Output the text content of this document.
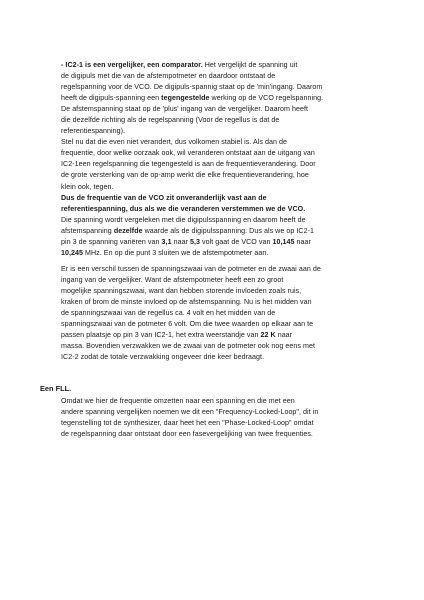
- IC2-1 is een vergelijker, een comparator. Het vergelijkt de spanning uit

de digipuls met die van de afstempotmeter en daardoor ontstaat de

regelspanning voor de VCO. De digipuls-spannig staat op de 'min'ingang. Daarom

heeft de digipuls-spanning een tegengestelde werking op de VCO regelspanning.

De afstemspanning staat op de 'plus' ingang van de vergelijker. Daarom heeft

die dezelfde richting als de regelspanning (Voor de regellus is dat de

referentiespanning).

Stel nu dat die even niet verandert, dus volkomen stabiel is. Als dan de

frequentie, door welke oorzaak ook, wil veranderen ontstaat aan de uitgang van

IC2-1een regelspanning die tegengesteld is aan de frequentieverandering. Door

de grote versterking van de op-amp werkt die elke frequentieverandering, hoe

klein ook, tegen.

Dus de frequentie van de VCO zit onveranderlijk vast aan de

referentiespanning, dus als we die veranderen verstemmen we de VCO.

Die spanning wordt vergeleken met die digipulsspanning en daarom heeft de

afstemspanning dezelfde waarde als de digipulsspanning. Dus als we op IC2-1

pin 3 de spanning variëren van 3,1 naar 5,3 volt gaat de VCO van 10,145 naar

10,245 MHz. En op die punt 3 sluiten we de afstempotmeter aan.

Er is een verschil tussen de spanningszwaai van de potmeter en de zwaai aan de

ingang van de vergelijker. Want de afstempotmeter heeft een zo groot

mogelijke spanningszwaai, want dan hebben storende invloeden zoals ruis,

kraken of brom de minste invloed op de afstemspanning. Nu is het midden van

de spanningszwaai van de regellus ca. 4 volt en het midden van de

spanningszwaai van de potmeter 6 volt. Om die twee waarden op elkaar aan te

passen plaatsje op pin 3 van IC2-1, het extra weerstandje van 22 K naar

massa. Bovendien verzwakken we de zwaai van de potmeter ook nog eens met

IC2-2 zodat de totale verzwakking ongeveer drie keer bedraagt.

Een FLL.

Omdat we hier de frequentie omzetten naar een spanning en die met een

andere spanning vergelijken noemen we dit een "Frequency-Locked-Loop", dit in

tegenstelling tot de synthesizer, daar heet het een "Phase-Locked-Loop" omdat

de regelspanning daar ontstaat door een fasevergelijking van twee frequenties.
